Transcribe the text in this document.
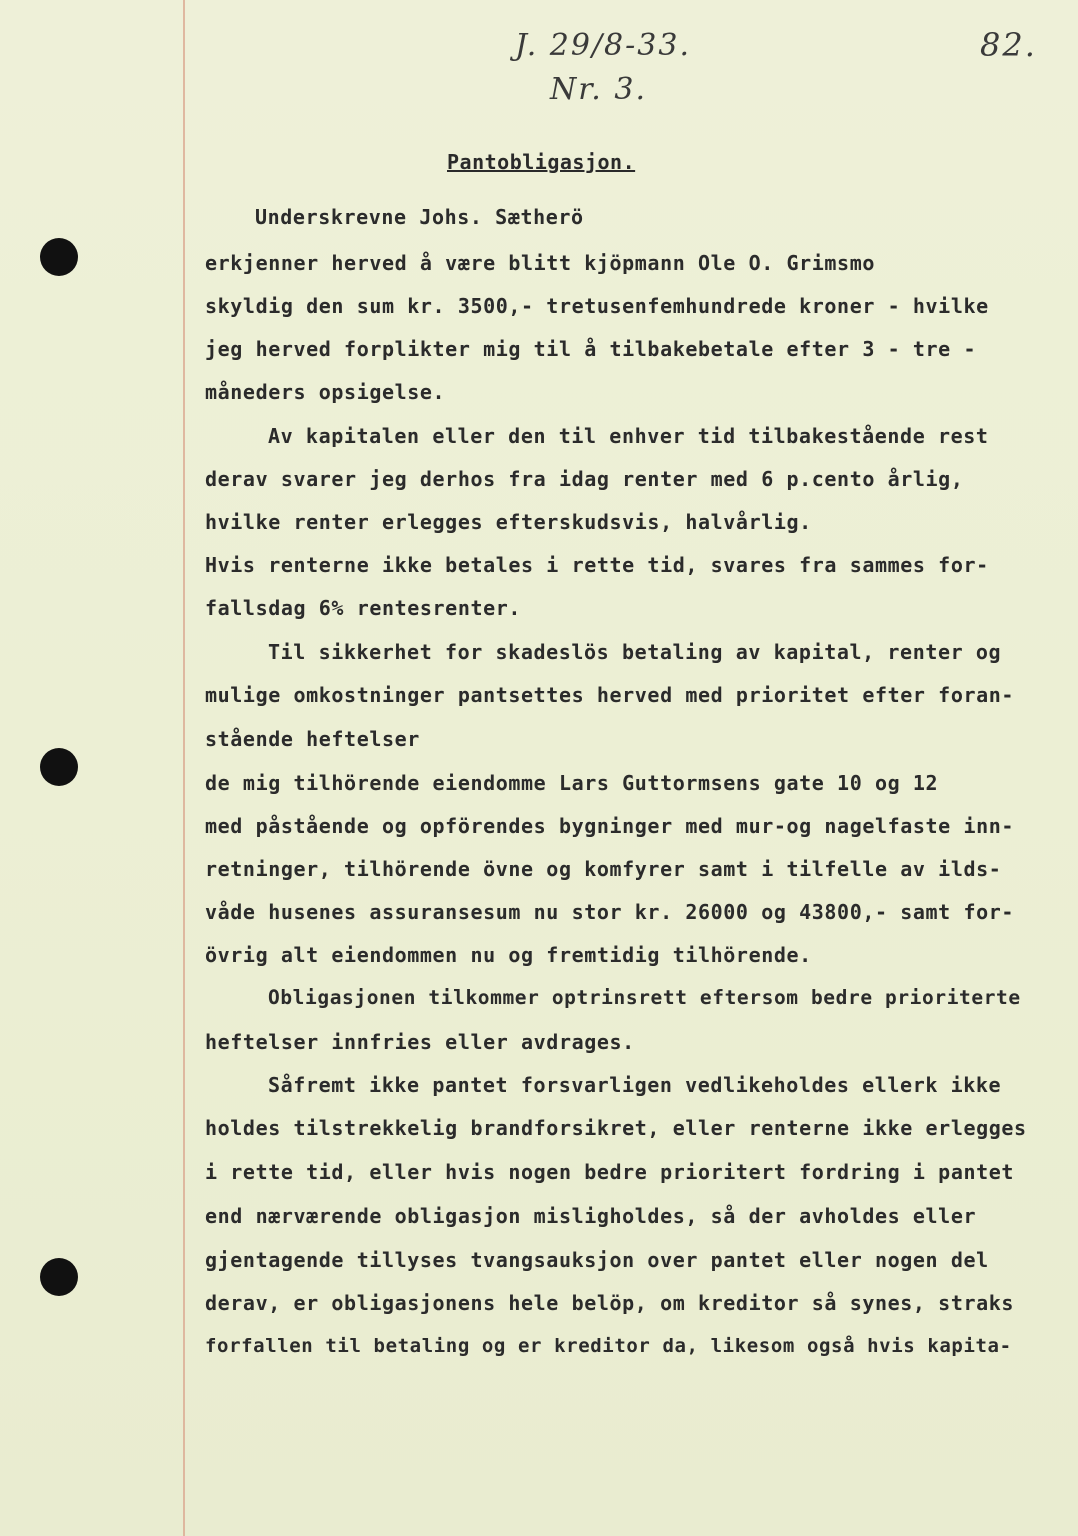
J. 29/8-33.
Nr. 3.
82.
Pantobligasjon.
Underskrevne Johs. Sætherö
erkjenner herved å være blitt kjöpmann Ole O. Grimsmo
skyldig den sum kr. 3500,- tretusenfemhundrede kroner - hvilke
jeg herved forplikter mig til å tilbakebetale efter 3 - tre -
måneders opsigelse.
Av kapitalen eller den til enhver tid tilbakestående rest
derav svarer jeg derhos fra idag renter med 6 p.cento årlig,
hvilke renter erlegges efterskudsvis, halvårlig.
Hvis renterne ikke betales i rette tid, svares fra sammes for-
fallsdag 6% rentesrenter.
Til sikkerhet for skadeslös betaling av kapital, renter og
mulige omkostninger pantsettes herved med prioritet efter foran-
stående heftelser
de mig tilhörende eiendomme Lars Guttormsens gate 10 og 12
med påstående og opförendes bygninger med mur-og nagelfaste inn-
retninger, tilhörende övne og komfyrer samt i tilfelle av ilds-
våde husenes assuransesum nu stor kr. 26000 og 43800,- samt for-
övrig alt eiendommen nu og fremtidig tilhörende.
Obligasjonen tilkommer optrinsrett eftersom bedre prioriterte
heftelser innfries eller avdrages.
Såfremt ikke pantet forsvarligen vedlikeholdes ellerk ikke
holdes tilstrekkelig brandforsikret, eller renterne ikke erlegges
i rette tid, eller hvis nogen bedre prioritert fordring i pantet
end nærværende obligasjon misligholdes, så der avholdes eller
gjentagende tillyses tvangsauksjon over pantet eller nogen del
derav, er obligasjonens hele belöp, om kreditor så synes, straks
forfallen til betaling og er kreditor da, likesom også hvis kapita-
